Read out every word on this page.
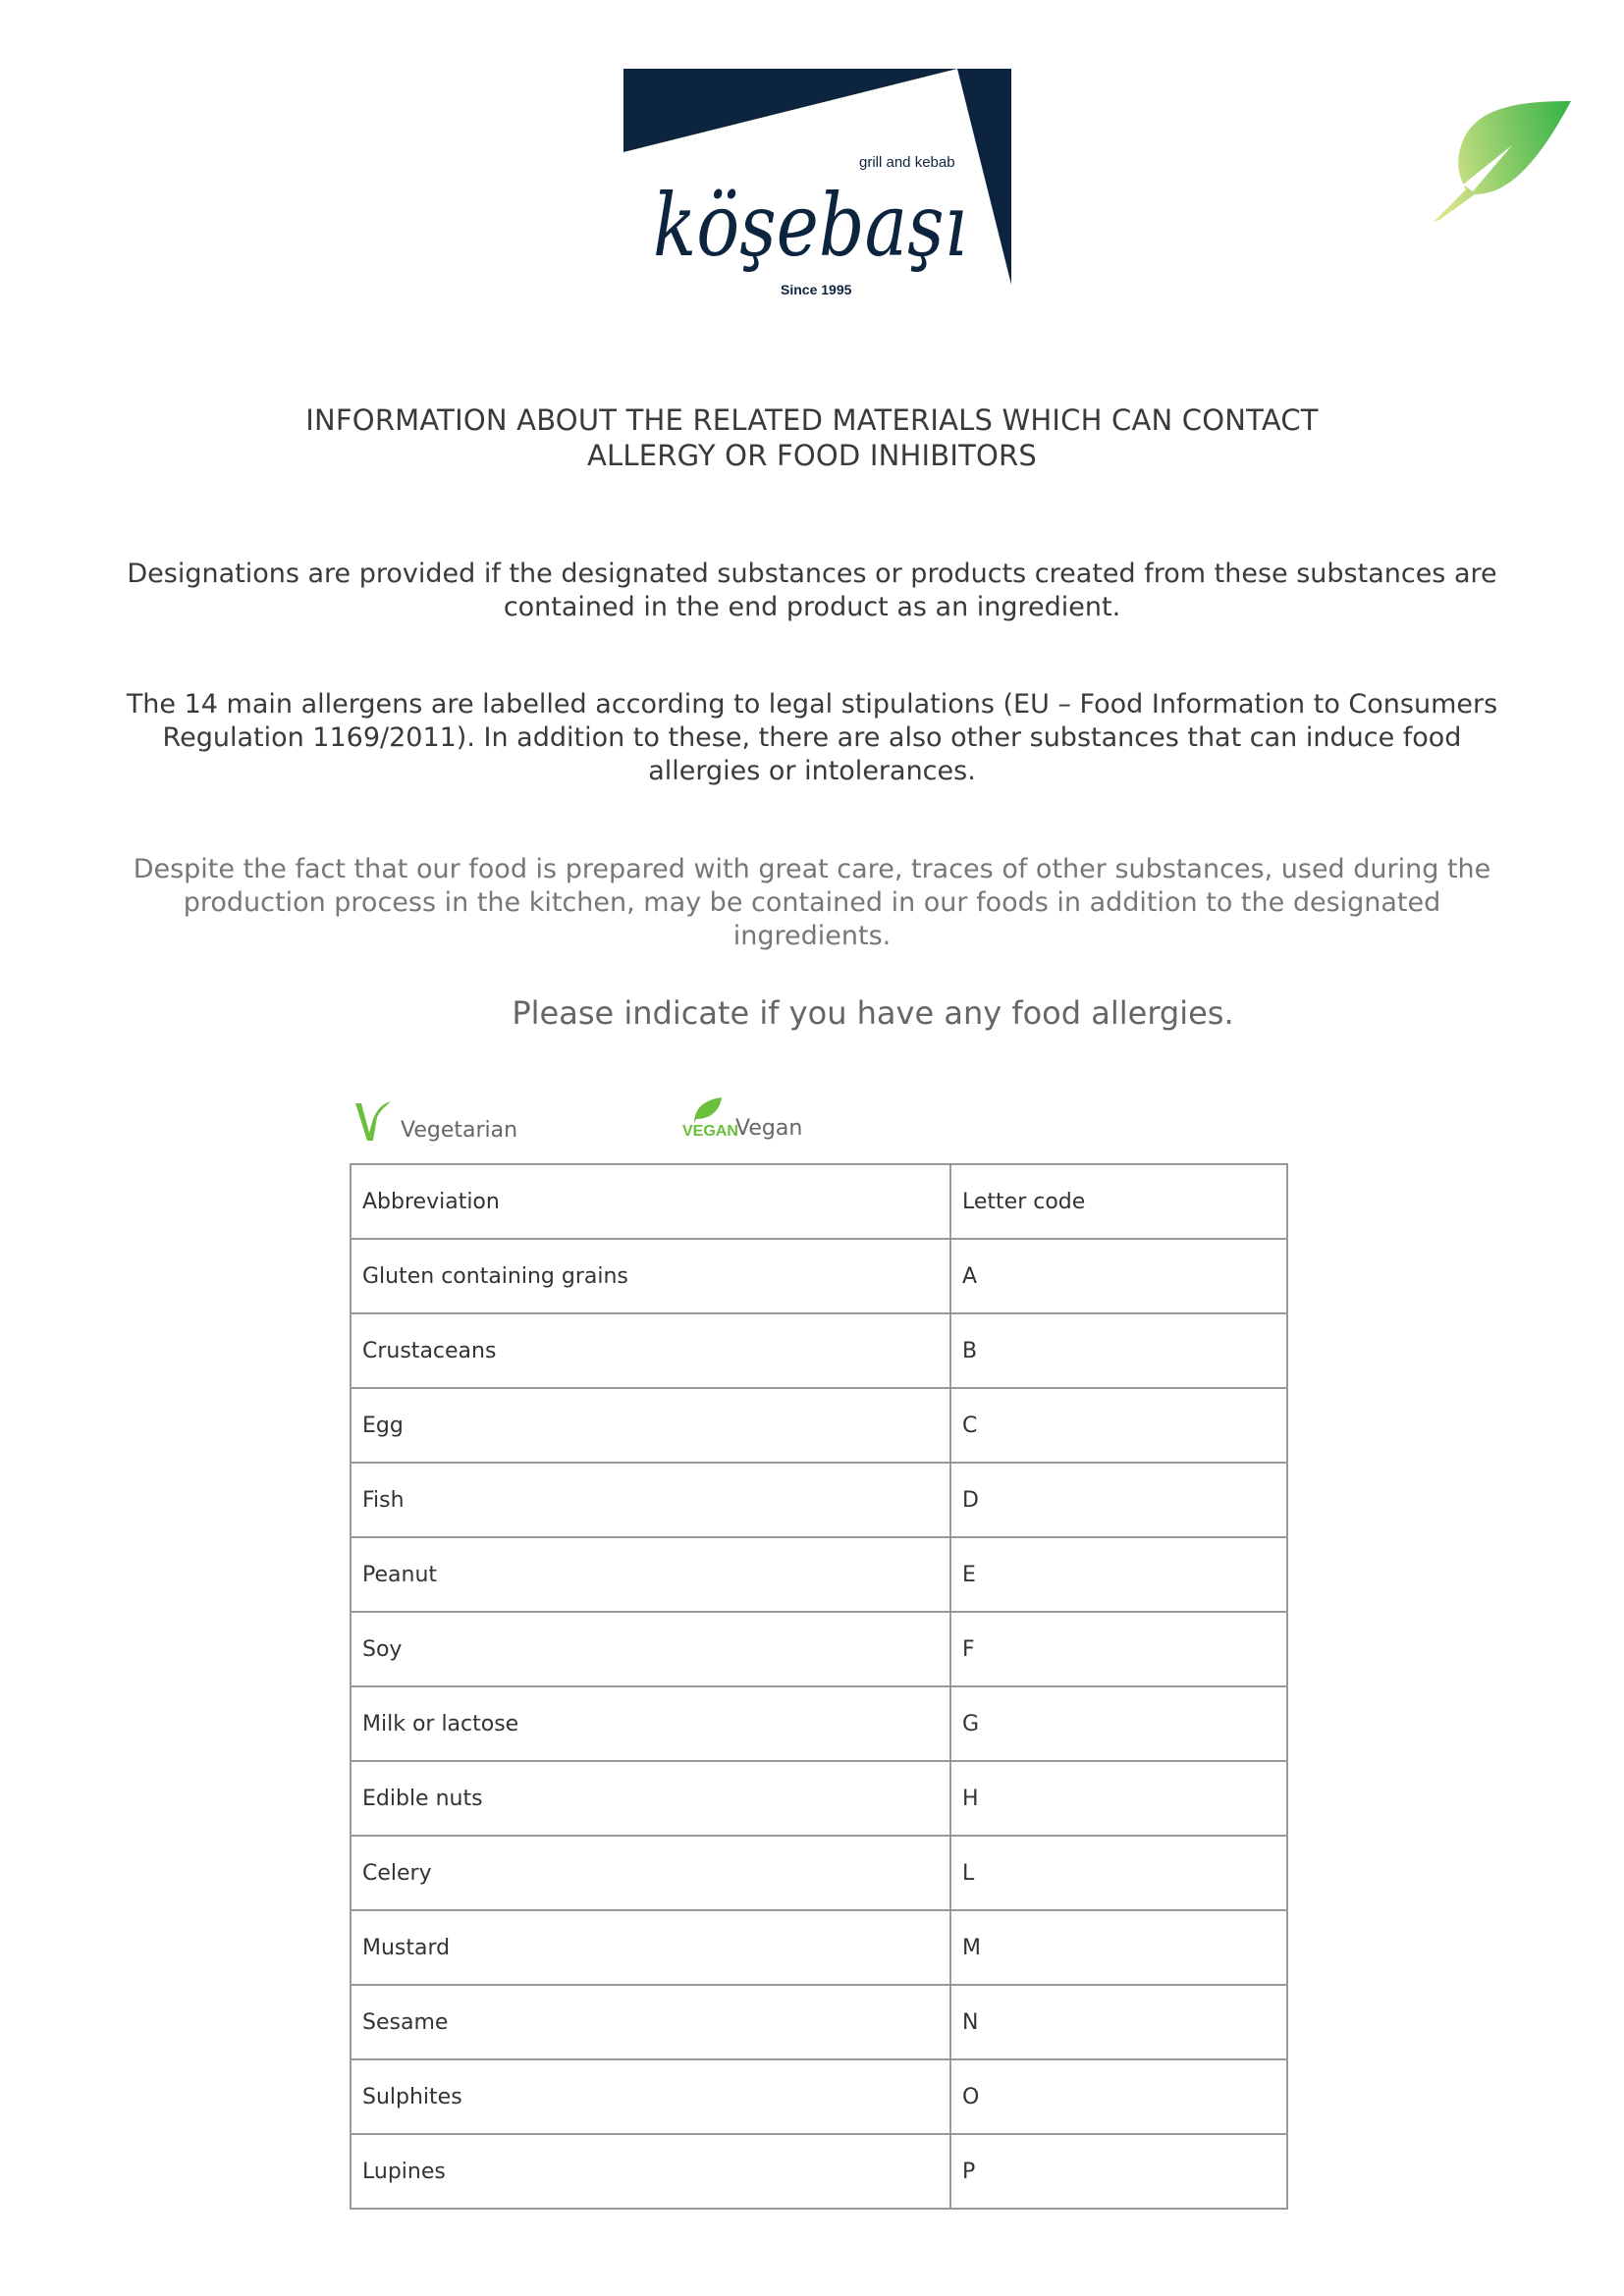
grill and kebab
köşebaşı
Since 1995
INFORMATION ABOUT THE RELATED MATERIALS WHICH CAN CONTACT
ALLERGY OR FOOD INHIBITORS
Designations are provided if the designated substances or products created from these substances are contained in the end product as an ingredient.
The 14 main allergens are labelled according to legal stipulations (EU – Food Information to Consumers Regulation 1169/2011). In addition to these, there are also other substances that can induce food allergies or intolerances.
Despite the fact that our food is prepared with great care, traces of other substances, used during the production process in the kitchen, may be contained in our foods in addition to the designated ingredients.
Please indicate if you have any food allergies.
Vegetarian	VEGAN
Vegan
Abbreviation	Letter code
Gluten containing grains	A
Crustaceans	B
Egg	C
Fish	D
Peanut	E
Soy	F
Milk or lactose	G
Edible nuts	H
Celery	L
Mustard	M
Sesame	N
Sulphites	O
Lupines	P
